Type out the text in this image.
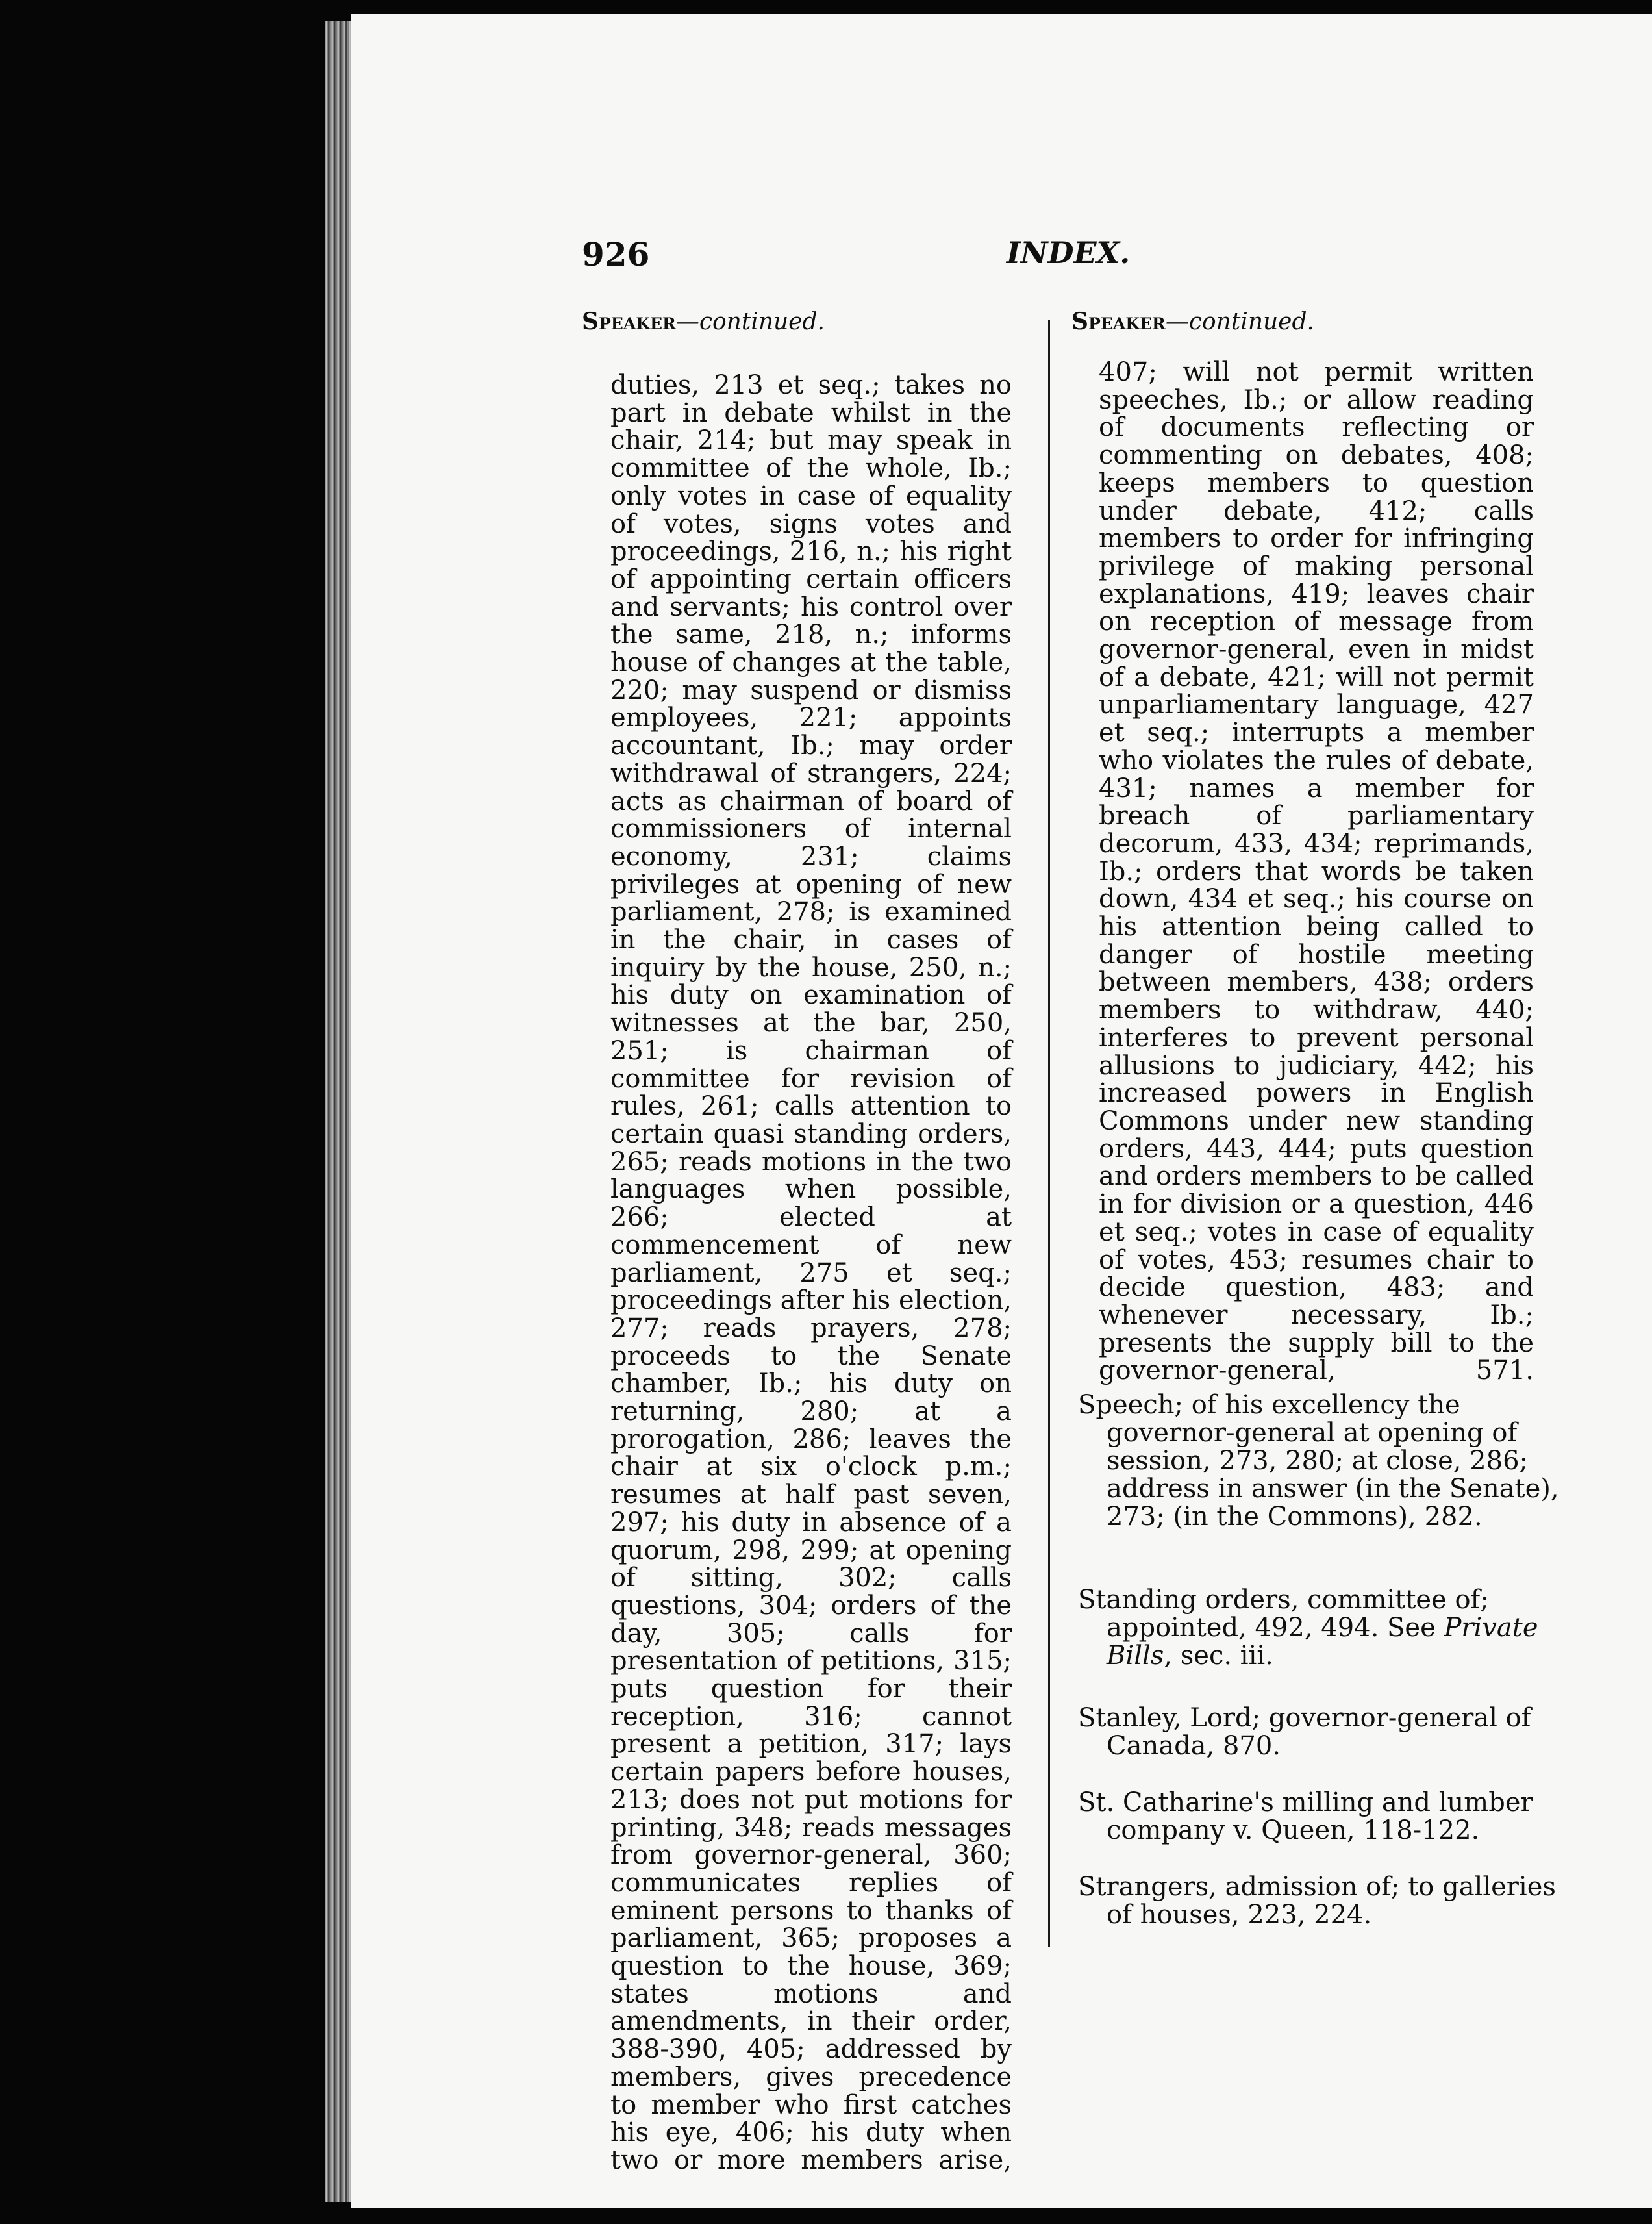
926	INDEX.
Speaker—continued.	Speaker—continued.
duties, 213 et seq.; takes no part in debate whilst in the chair, 214; but may speak in committee of the whole, Ib.; only votes in case of equality of votes, signs votes and proceedings, 216, n.; his right of appointing certain officers and servants; his control over the same, 218, n.; informs house of changes at the table, 220; may suspend or dismiss employees, 221; appoints accountant, Ib.; may order withdrawal of strangers, 224; acts as chairman of board of commissioners of internal economy, 231; claims privileges at opening of new parliament, 278; is examined in the chair, in cases of inquiry by the house, 250, n.; his duty on examination of witnesses at the bar, 250, 251; is chairman of committee for revision of rules, 261; calls attention to certain quasi standing orders, 265; reads motions in the two languages when possible, 266; elected at commencement of new parliament, 275 et seq.; proceedings after his election, 277; reads prayers, 278; proceeds to the Senate chamber, Ib.; his duty on returning, 280; at a prorogation, 286; leaves the chair at six o'clock p.m.; resumes at half past seven, 297; his duty in absence of a quorum, 298, 299; at opening of sitting, 302; calls questions, 304; orders of the day, 305; calls for presentation of petitions, 315; puts question for their reception, 316; cannot present a petition, 317; lays certain papers before houses, 213; does not put motions for printing, 348; reads messages from governor-general, 360; communicates replies of eminent persons to thanks of parliament, 365; proposes a question to the house, 369; states motions and amendments, in their order, 388-390, 405; addressed by members, gives precedence to member who first catches his eye, 406; his duty when two or more members arise,
407; will not permit written speeches, Ib.; or allow reading of documents reflecting or commenting on debates, 408; keeps members to question under debate, 412; calls members to order for infringing privilege of making personal explanations, 419; leaves chair on reception of message from governor-general, even in midst of a debate, 421; will not permit unparliamentary language, 427 et seq.; interrupts a member who violates the rules of debate, 431; names a member for breach of parliamentary decorum, 433, 434; reprimands, Ib.; orders that words be taken down, 434 et seq.; his course on his attention being called to danger of hostile meeting between members, 438; orders members to withdraw, 440; interferes to prevent personal allusions to judiciary, 442; his increased powers in English Commons under new standing orders, 443, 444; puts question and orders members to be called in for division or a question, 446 et seq.; votes in case of equality of votes, 453; resumes chair to decide question, 483; and whenever necessary, Ib.; presents the supply bill to the governor-general, 571.
Speech; of his excellency the governor-general at opening of session, 273, 280; at close, 286; address in answer (in the Senate), 273; (in the Commons), 282.
Standing orders, committee of; appointed, 492, 494. See Private Bills, sec. iii.
Stanley, Lord; governor-general of Canada, 870.
St. Catharine's milling and lumber company v. Queen, 118-122.
Strangers, admission of; to galleries of houses, 223, 224.
